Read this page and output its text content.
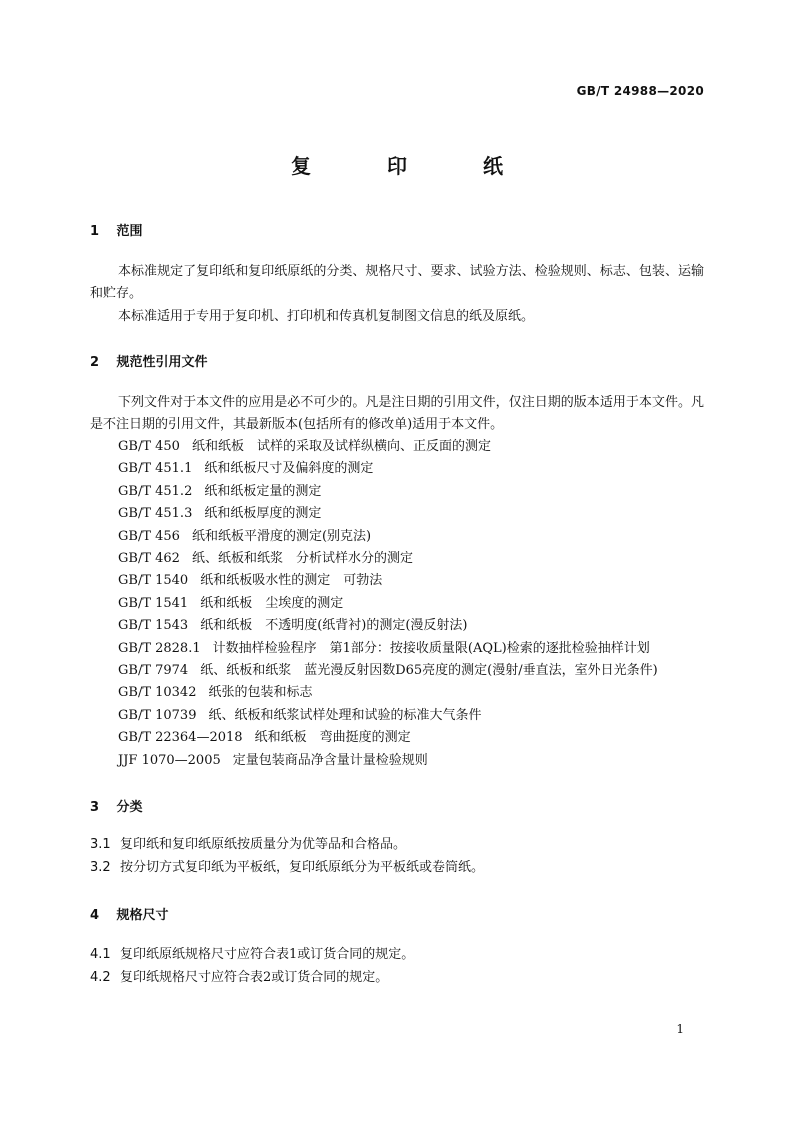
GB/T 24988—2020
复　印　纸
1 范围
本标准规定了复印纸和复印纸原纸的分类、规格尺寸、要求、试验方法、检验规则、标志、包装、运输和贮存。
本标准适用于专用于复印机、打印机和传真机复制图文信息的纸及原纸。
2 规范性引用文件
下列文件对于本文件的应用是必不可少的。凡是注日期的引用文件，仅注日期的版本适用于本文件。凡是不注日期的引用文件，其最新版本(包括所有的修改单)适用于本文件。
GB/T 450 纸和纸板　试样的采取及试样纵横向、正反面的测定
GB/T 451.1 纸和纸板尺寸及偏斜度的测定
GB/T 451.2 纸和纸板定量的测定
GB/T 451.3 纸和纸板厚度的测定
GB/T 456 纸和纸板平滑度的测定(别克法)
GB/T 462 纸、纸板和纸浆　分析试样水分的测定
GB/T 1540 纸和纸板吸水性的测定　可勃法
GB/T 1541 纸和纸板　尘埃度的测定
GB/T 1543 纸和纸板　不透明度(纸背衬)的测定(漫反射法)
GB/T 2828.1 计数抽样检验程序　第1部分：按接收质量限(AQL)检索的逐批检验抽样计划
GB/T 7974 纸、纸板和纸浆　蓝光漫反射因数D65亮度的测定(漫射/垂直法，室外日光条件)
GB/T 10342 纸张的包装和标志
GB/T 10739 纸、纸板和纸浆试样处理和试验的标准大气条件
GB/T 22364—2018 纸和纸板　弯曲挺度的测定
JJF 1070—2005 定量包装商品净含量计量检验规则
3 分类
3.1 复印纸和复印纸原纸按质量分为优等品和合格品。
3.2 按分切方式复印纸为平板纸，复印纸原纸分为平板纸或卷筒纸。
4 规格尺寸
4.1 复印纸原纸规格尺寸应符合表1或订货合同的规定。
4.2 复印纸规格尺寸应符合表2或订货合同的规定。
1
